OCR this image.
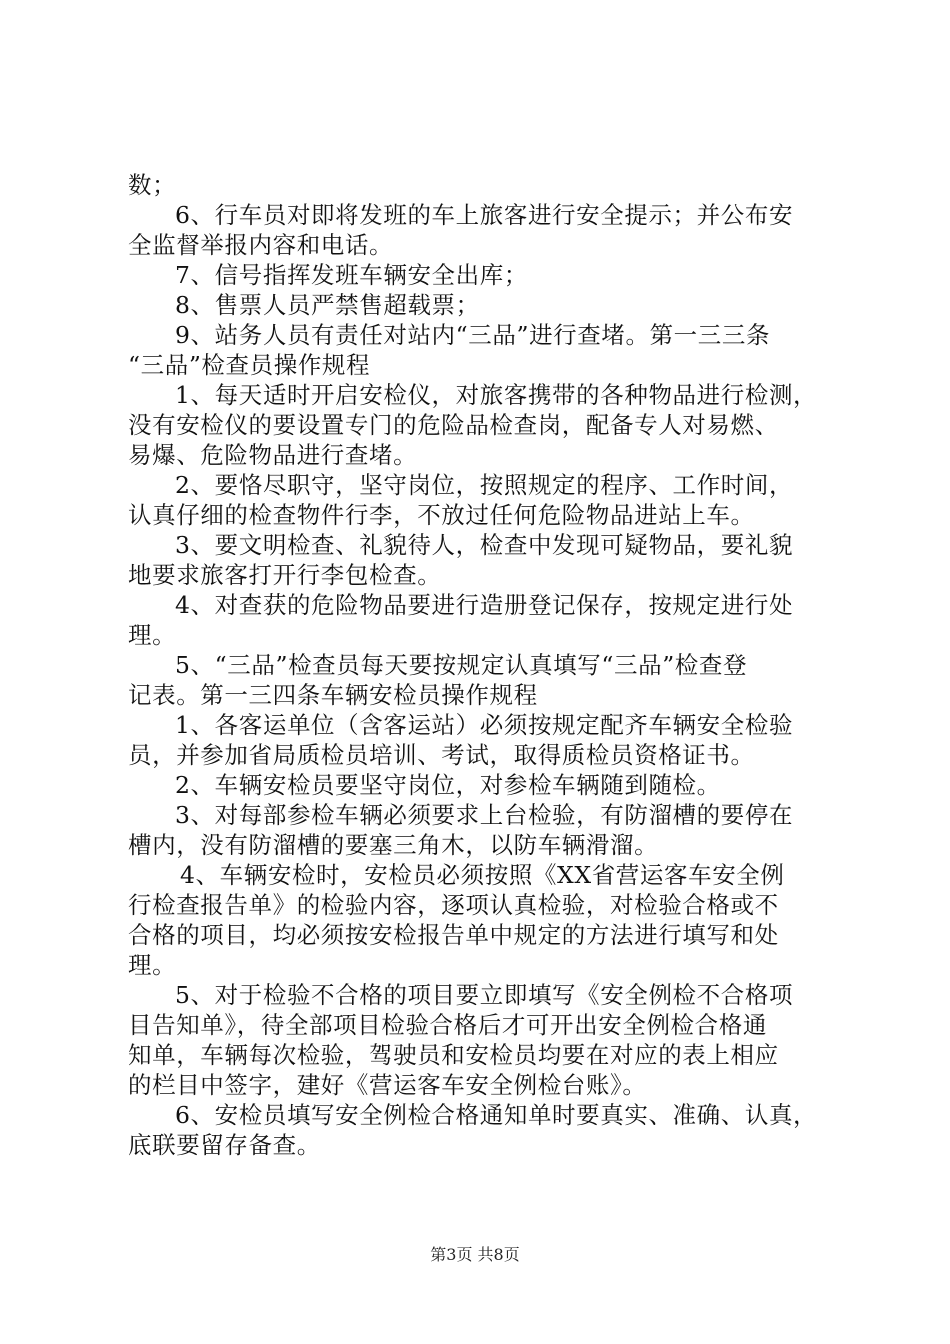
数；
6、行车员对即将发班的车上旅客进行安全提示；并公布安
全监督举报内容和电话。
7、信号指挥发班车辆安全出库；
8、售票人员严禁售超载票；
9、站务人员有责任对站内“三品”进行查堵。第一三三条
“三品”检查员操作规程
1、每天适时开启安检仪，对旅客携带的各种物品进行检测，
没有安检仪的要设置专门的危险品检查岗，配备专人对易燃、
易爆、危险物品进行查堵。
2、要恪尽职守，坚守岗位，按照规定的程序、工作时间，
认真仔细的检查物件行李，不放过任何危险物品进站上车。
3、要文明检查、礼貌待人，检查中发现可疑物品，要礼貌
地要求旅客打开行李包检查。
4、对查获的危险物品要进行造册登记保存，按规定进行处
理。
5、“三品”检查员每天要按规定认真填写“三品”检查登
记表。第一三四条车辆安检员操作规程
1、各客运单位（含客运站）必须按规定配齐车辆安全检验
员，并参加省局质检员培训、考试，取得质检员资格证书。
2、车辆安检员要坚守岗位，对参检车辆随到随检。
3、对每部参检车辆必须要求上台检验，有防溜槽的要停在
槽内，没有防溜槽的要塞三角木，以防车辆滑溜。
4、车辆安检时，安检员必须按照《XX省营运客车安全例
行检查报告单》的检验内容，逐项认真检验，对检验合格或不
合格的项目，均必须按安检报告单中规定的方法进行填写和处
理。
5、对于检验不合格的项目要立即填写《安全例检不合格项
目告知单》，待全部项目检验合格后才可开出安全例检合格通
知单，车辆每次检验，驾驶员和安检员均要在对应的表上相应
的栏目中签字，建好《营运客车安全例检台账》。
6、安检员填写安全例检合格通知单时要真实、准确、认真，
底联要留存备查。
第3页 共8页
